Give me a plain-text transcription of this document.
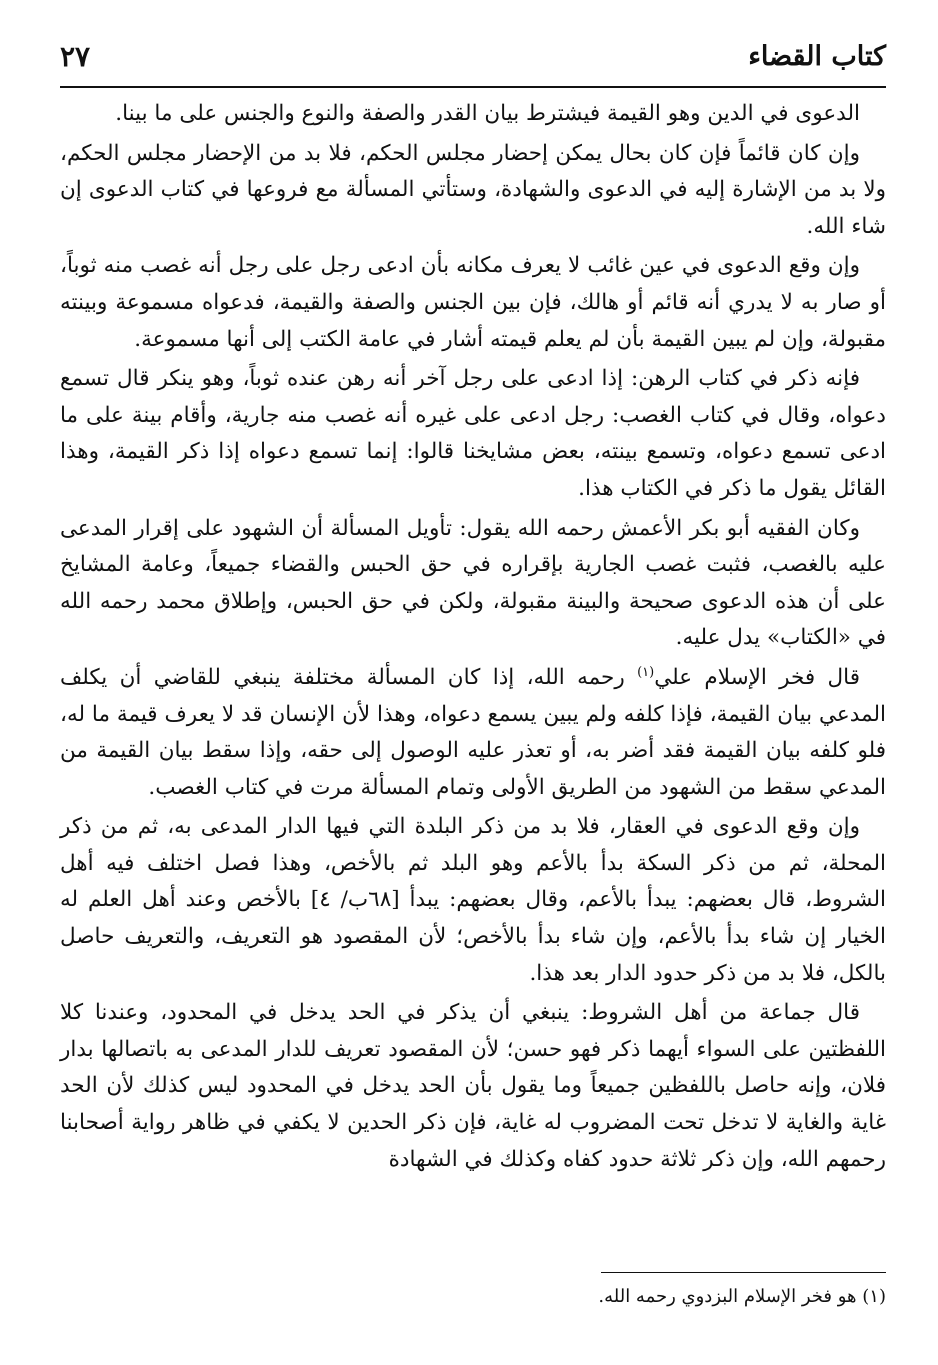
كتاب القضاء
٢٧

الدعوى في الدين وهو القيمة فيشترط بيان القدر والصفة والنوع والجنس على ما بينا.

وإن كان قائماً فإن كان بحال يمكن إحضار مجلس الحكم، فلا بد من الإحضار مجلس الحكم، ولا بد من الإشارة إليه في الدعوى والشهادة، وستأتي المسألة مع فروعها في كتاب الدعوى إن شاء الله.

وإن وقع الدعوى في عين غائب لا يعرف مكانه بأن ادعى رجل على رجل أنه غصب منه ثوباً، أو صار به لا يدري أنه قائم أو هالك، فإن بين الجنس والصفة والقيمة، فدعواه مسموعة وبينته مقبولة، وإن لم يبين القيمة بأن لم يعلم قيمته أشار في عامة الكتب إلى أنها مسموعة.

فإنه ذكر في كتاب الرهن: إذا ادعى على رجل آخر أنه رهن عنده ثوباً، وهو ينكر قال تسمع دعواه، وقال في كتاب الغصب: رجل ادعى على غيره أنه غصب منه جارية، وأقام بينة على ما ادعى تسمع دعواه، وتسمع بينته، بعض مشايخنا قالوا: إنما تسمع دعواه إذا ذكر القيمة، وهذا القائل يقول ما ذكر في الكتاب هذا.

وكان الفقيه أبو بكر الأعمش رحمه الله يقول: تأويل المسألة أن الشهود على إقرار المدعى عليه بالغصب، فثبت غصب الجارية بإقراره في حق الحبس والقضاء جميعاً، وعامة المشايخ على أن هذه الدعوى صحيحة والبينة مقبولة، ولكن في حق الحبس، وإطلاق محمد رحمه الله في «الكتاب» يدل عليه.

قال فخر الإسلام علي$^{(١)}$ رحمه الله، إذا كان المسألة مختلفة ينبغي للقاضي أن يكلف المدعي بيان القيمة، فإذا كلفه ولم يبين يسمع دعواه، وهذا لأن الإنسان قد لا يعرف قيمة ما له، فلو كلفه بيان القيمة فقد أضر به، أو تعذر عليه الوصول إلى حقه، وإذا سقط بيان القيمة من المدعي سقط من الشهود من الطريق الأولى وتمام المسألة مرت في كتاب الغصب.

وإن وقع الدعوى في العقار، فلا بد من ذكر البلدة التي فيها الدار المدعى به، ثم من ذكر المحلة، ثم من ذكر السكة بدأ بالأعم وهو البلد ثم بالأخص، وهذا فصل اختلف فيه أهل الشروط، قال بعضهم: يبدأ بالأعم، وقال بعضهم: يبدأ [٦٨ب/ ٤] بالأخص وعند أهل العلم له الخيار إن شاء بدأ بالأعم، وإن شاء بدأ بالأخص؛ لأن المقصود هو التعريف، والتعريف حاصل بالكل، فلا بد من ذكر حدود الدار بعد هذا.

قال جماعة من أهل الشروط: ينبغي أن يذكر في الحد يدخل في المحدود، وعندنا كلا اللفظتين على السواء أيهما ذكر فهو حسن؛ لأن المقصود تعريف للدار المدعى به باتصالها بدار فلان، وإنه حاصل باللفظين جميعاً وما يقول بأن الحد يدخل في المحدود ليس كذلك لأن الحد غاية والغاية لا تدخل تحت المضروب له غاية، فإن ذكر الحدين لا يكفي في ظاهر رواية أصحابنا رحمهم الله، وإن ذكر ثلاثة حدود كفاه وكذلك في الشهادة

(١) هو فخر الإسلام البزدوي رحمه الله.
